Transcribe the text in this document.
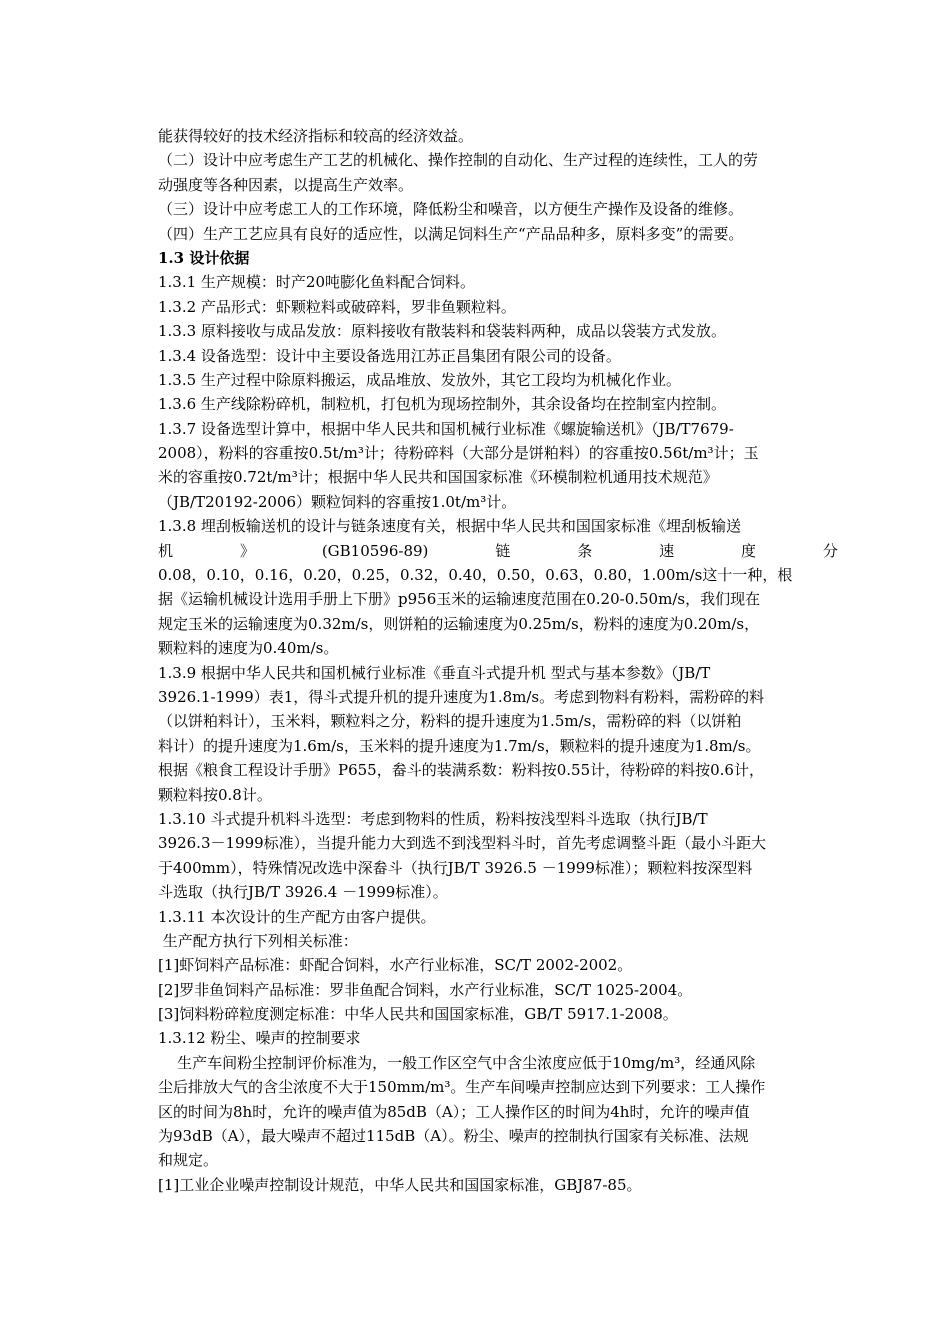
能获得较好的技术经济指标和较高的经济效益。
（二）设计中应考虑生产工艺的机械化、操作控制的自动化、生产过程的连续性，工人的劳
动强度等各种因素，以提高生产效率。
（三）设计中应考虑工人的工作环境，降低粉尘和噪音，以方便生产操作及设备的维修。
（四）生产工艺应具有良好的适应性，以满足饲料生产“产品品种多，原料多变”的需要。
1.3 设计依据
1.3.1 生产规模：时产20吨膨化鱼料配合饲料。
1.3.2 产品形式：虾颗粒料或破碎料，罗非鱼颗粒料。
1.3.3 原料接收与成品发放：原料接收有散装料和袋装料两种，成品以袋装方式发放。
1.3.4 设备选型：设计中主要设备选用江苏正昌集团有限公司的设备。
1.3.5 生产过程中除原料搬运，成品堆放、发放外，其它工段均为机械化作业。
1.3.6 生产线除粉碎机，制粒机，打包机为现场控制外，其余设备均在控制室内控制。
1.3.7 设备选型计算中，根据中华人民共和国机械行业标准《螺旋输送机》（JB/T7679-
2008），粉料的容重按0.5t/m³计；待粉碎料（大部分是饼粕料）的容重按0.56t/m³计；玉
米的容重按0.72t/m³计；根据中华人民共和国国家标准《环模制粒机通用技术规范》
（JB/T20192-2006）颗粒饲料的容重按1.0t/m³计。
1.3.8 埋刮板输送机的设计与链条速度有关，根据中华人民共和国国家标准《埋刮板输送
机	》	(GB10596-89)	链	条	速	度	分
0.08，0.10，0.16，0.20，0.25，0.32，0.40，0.50，0.63，0.80，1.00m/s这十一种，根
据《运输机械设计选用手册上下册》p956玉米的运输速度范围在0.20-0.50m/s，我们现在
规定玉米的运输速度为0.32m/s，则饼粕的运输速度为0.25m/s，粉料的速度为0.20m/s，
颗粒料的速度为0.40m/s。
1.3.9 根据中华人民共和国机械行业标准《垂直斗式提升机 型式与基本参数》（JB/T
3926.1-1999）表1，得斗式提升机的提升速度为1.8m/s。考虑到物料有粉料，需粉碎的料
（以饼粕料计），玉米料，颗粒料之分，粉料的提升速度为1.5m/s，需粉碎的料（以饼粕
料计）的提升速度为1.6m/s，玉米料的提升速度为1.7m/s，颗粒料的提升速度为1.8m/s。
根据《粮食工程设计手册》P655，畚斗的装满系数：粉料按0.55计，待粉碎的料按0.6计，
颗粒料按0.8计。
1.3.10 斗式提升机料斗选型：考虑到物料的性质，粉料按浅型料斗选取（执行JB/T
3926.3－1999标准），当提升能力大到选不到浅型料斗时，首先考虑调整斗距（最小斗距大
于400mm），特殊情况改选中深畚斗（执行JB/T 3926.5 －1999标准）；颗粒料按深型料
斗选取（执行JB/T 3926.4 －1999标准）。
1.3.11 本次设计的生产配方由客户提供。
生产配方执行下列相关标准：
[1]虾饲料产品标准：虾配合饲料，水产行业标准，SC/T 2002-2002。
[2]罗非鱼饲料产品标准：罗非鱼配合饲料，水产行业标准，SC/T 1025-2004。
[3]饲料粉碎粒度测定标准：中华人民共和国国家标准，GB/T 5917.1-2008。
1.3.12 粉尘、噪声的控制要求
生产车间粉尘控制评价标准为，一般工作区空气中含尘浓度应低于10mg/m³，经通风除
尘后排放大气的含尘浓度不大于150mm/m³。生产车间噪声控制应达到下列要求：工人操作
区的时间为8h时，允许的噪声值为85dB（A）；工人操作区的时间为4h时，允许的噪声值
为93dB（A），最大噪声不超过115dB（A）。粉尘、噪声的控制执行国家有关标准、法规
和规定。
[1]工业企业噪声控制设计规范，中华人民共和国国家标准，GBJ87-85。
